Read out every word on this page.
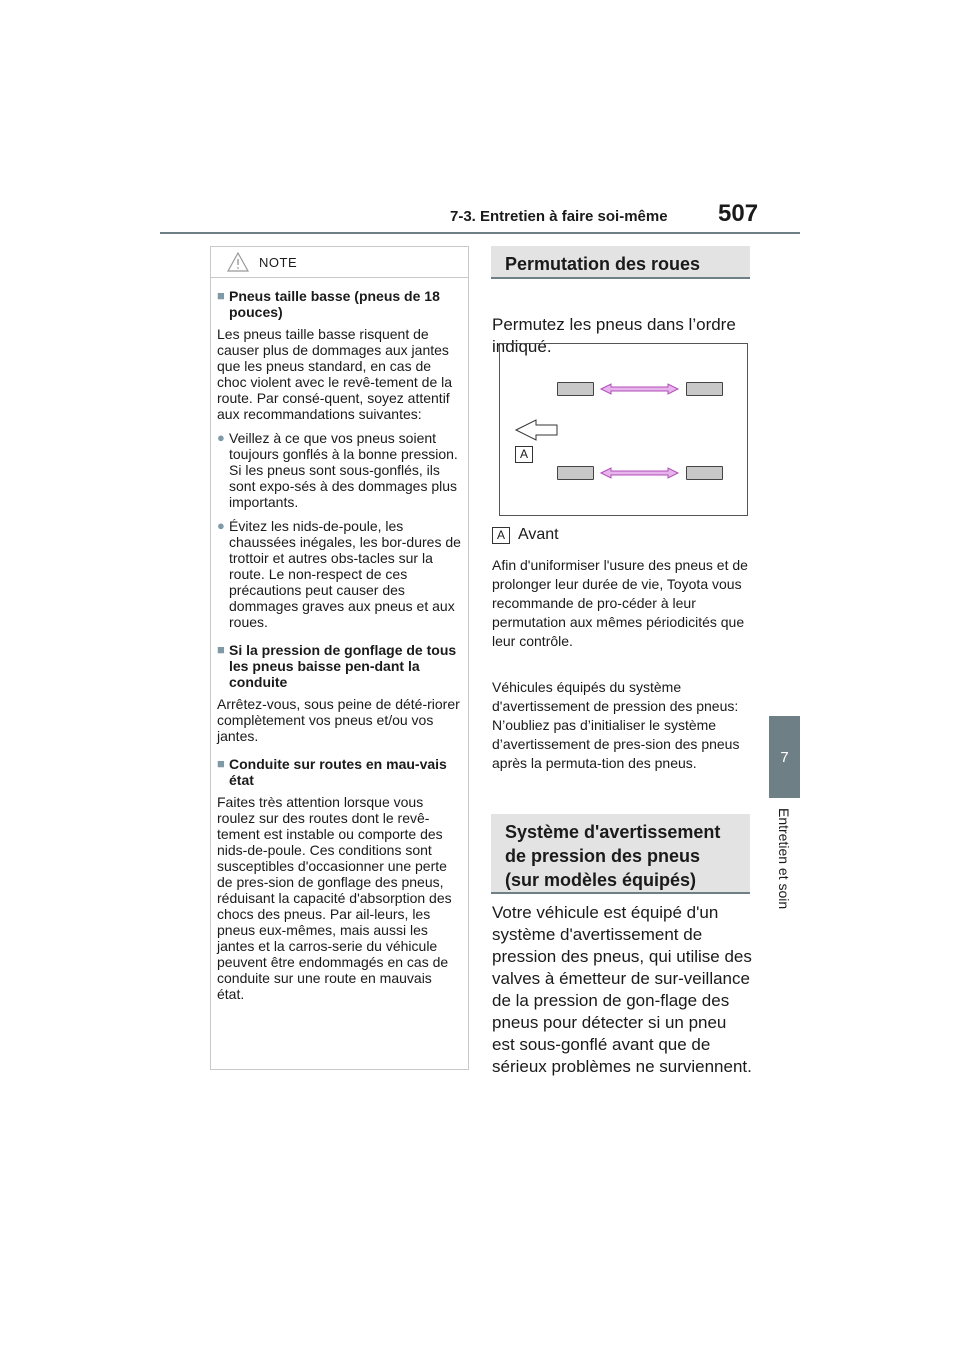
7-3. Entretien à faire soi-même 507
7
Entretien et soin
NOTE
■ Pneus taille basse (pneus de 18 pouces)

Les pneus taille basse risquent de causer plus de dommages aux jantes que les pneus standard, en cas de choc violent avec le revê-tement de la route. Par consé-quent, soyez attentif aux recommandations suivantes:

● Veillez à ce que vos pneus soient toujours gonflés à la bonne pression. Si les pneus sont sous-gonflés, ils sont expo-sés à des dommages plus importants.
● Évitez les nids-de-poule, les chaussées inégales, les bor-dures de trottoir et autres obs-tacles sur la route. Le non-respect de ces précautions peut causer des dommages graves aux pneus et aux roues.
■ Si la pression de gonflage de tous les pneus baisse pen-dant la conduite

Arrêtez-vous, sous peine de dété-riorer complètement vos pneus et/ou vos jantes.

■ Conduite sur routes en mau-vais état

Faites très attention lorsque vous roulez sur des routes dont le revê-tement est instable ou comporte des nids-de-poule. Ces conditions sont susceptibles d'occasionner une perte de pres-sion de gonflage des pneus, réduisant la capacité d'absorption des chocs des pneus. Par ail-leurs, les pneus eux-mêmes, mais aussi les jantes et la carros-serie du véhicule peuvent être endommagés en cas de conduite sur une route en mauvais état.

Permutation des roues
Permutez les pneus dans l’ordre indiqué.
A
A Avant
Afin d'uniformiser l'usure des pneus et de prolonger leur durée de vie, Toyota vous recommande de pro-céder à leur permutation aux mêmes périodicités que leur contrôle.
Véhicules équipés du système d'avertissement de pression des pneus: N’oubliez pas d’initialiser le système d’avertissement de pres-sion des pneus après la permuta-tion des pneus.
Système d'avertissement
de pression des pneus
(sur modèles équipés)
Votre véhicule est équipé d'un système d'avertissement de pression des pneus, qui utilise des valves à émetteur de sur-veillance de la pression de gon-flage des pneus pour détecter si un pneu est sous-gonflé avant que de sérieux problèmes ne surviennent.
